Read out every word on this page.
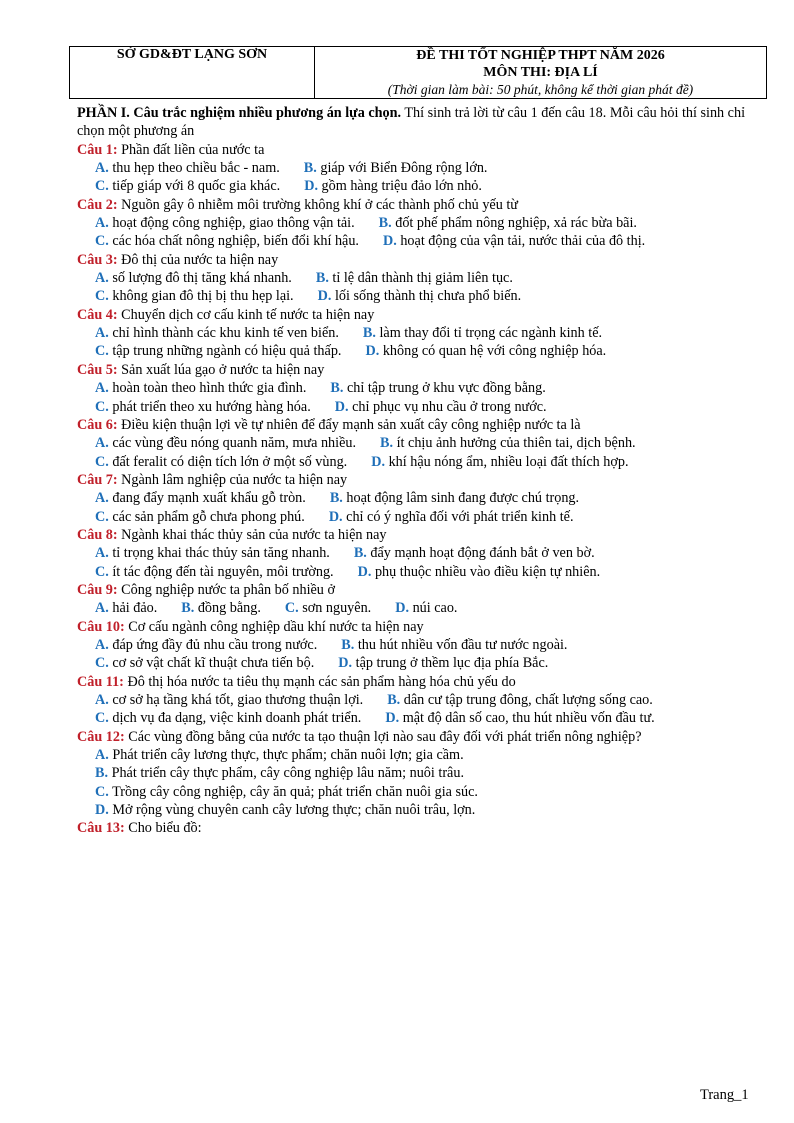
SỞ GD&ĐT LẠNG SƠN	ĐỀ THI TỐT NGHIỆP THPT NĂM 2026
MÔN THI: ĐỊA LÍ
(Thời gian làm bài: 50 phút, không kể thời gian phát đề)
PHẦN I. Câu trắc nghiệm nhiều phương án lựa chọn. Thí sinh trả lời từ câu 1 đến câu 18. Mỗi câu hỏi thí sinh chỉ chọn một phương án
Câu 1: Phần đất liền của nước ta
A. thu hẹp theo chiều bắc - nam. B. giáp với Biển Đông rộng lớn.
C. tiếp giáp với 8 quốc gia khác. D. gồm hàng triệu đảo lớn nhỏ.
Câu 2: Nguồn gây ô nhiễm môi trường không khí ở các thành phố chủ yếu từ
A. hoạt động công nghiệp, giao thông vận tải. B. đốt phế phẩm nông nghiệp, xả rác bừa bãi.
C. các hóa chất nông nghiệp, biến đổi khí hậu. D. hoạt động của vận tải, nước thải của đô thị.
Câu 3: Đô thị của nước ta hiện nay
A. số lượng đô thị tăng khá nhanh. B. tỉ lệ dân thành thị giảm liên tục.
C. không gian đô thị bị thu hẹp lại. D. lối sống thành thị chưa phổ biến.
Câu 4: Chuyển dịch cơ cấu kinh tế nước ta hiện nay
A. chỉ hình thành các khu kinh tế ven biển. B. làm thay đổi tỉ trọng các ngành kinh tế.
C. tập trung những ngành có hiệu quả thấp. D. không có quan hệ với công nghiệp hóa.
Câu 5: Sản xuất lúa gạo ở nước ta hiện nay
A. hoàn toàn theo hình thức gia đình. B. chỉ tập trung ở khu vực đồng bằng.
C. phát triển theo xu hướng hàng hóa. D. chỉ phục vụ nhu cầu ở trong nước.
Câu 6: Điều kiện thuận lợi về tự nhiên để đẩy mạnh sản xuất cây công nghiệp nước ta là
A. các vùng đều nóng quanh năm, mưa nhiều. B. ít chịu ảnh hưởng của thiên tai, dịch bệnh.
C. đất feralit có diện tích lớn ở một số vùng. D. khí hậu nóng ẩm, nhiều loại đất thích hợp.
Câu 7: Ngành lâm nghiệp của nước ta hiện nay
A. đang đẩy mạnh xuất khẩu gỗ tròn. B. hoạt động lâm sinh đang được chú trọng.
C. các sản phẩm gỗ chưa phong phú. D. chỉ có ý nghĩa đối với phát triển kinh tế.
Câu 8: Ngành khai thác thủy sản của nước ta hiện nay
A. tỉ trọng khai thác thủy sản tăng nhanh. B. đẩy mạnh hoạt động đánh bắt ở ven bờ.
C. ít tác động đến tài nguyên, môi trường. D. phụ thuộc nhiều vào điều kiện tự nhiên.
Câu 9: Công nghiệp nước ta phân bố nhiều ở
A. hải đảo. B. đồng bằng. C. sơn nguyên. D. núi cao.
Câu 10: Cơ cấu ngành công nghiệp dầu khí nước ta hiện nay
A. đáp ứng đầy đủ nhu cầu trong nước. B. thu hút nhiều vốn đầu tư nước ngoài.
C. cơ sở vật chất kĩ thuật chưa tiến bộ. D. tập trung ở thềm lục địa phía Bắc.
Câu 11: Đô thị hóa nước ta tiêu thụ mạnh các sản phẩm hàng hóa chủ yếu do
A. cơ sở hạ tầng khá tốt, giao thương thuận lợi. B. dân cư tập trung đông, chất lượng sống cao.
C. dịch vụ đa dạng, việc kinh doanh phát triển. D. mật độ dân số cao, thu hút nhiều vốn đầu tư.
Câu 12: Các vùng đồng bằng của nước ta tạo thuận lợi nào sau đây đối với phát triển nông nghiệp?
A. Phát triển cây lương thực, thực phẩm; chăn nuôi lợn; gia cầm.
B. Phát triển cây thực phẩm, cây công nghiệp lâu năm; nuôi trâu.
C. Trồng cây công nghiệp, cây ăn quả; phát triển chăn nuôi gia súc.
D. Mở rộng vùng chuyên canh cây lương thực; chăn nuôi trâu, lợn.
Câu 13: Cho biểu đồ:
Trang_1
